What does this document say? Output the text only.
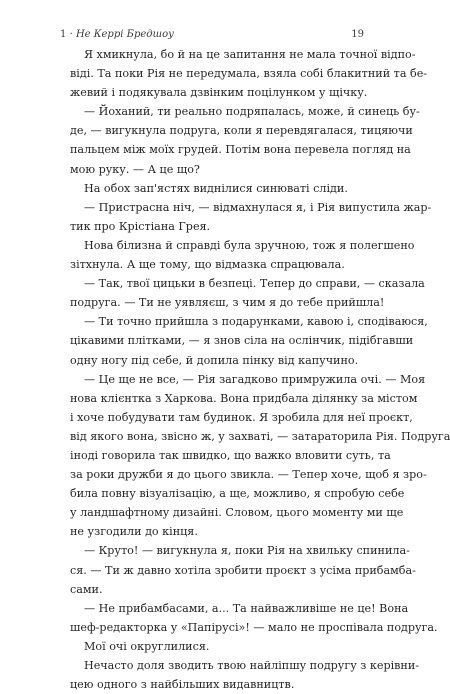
1 · Не Керрі Бредшоу	19
Я хмикнула, бо й на це запитання не мала точної відпо-
віді. Та поки Рія не передумала, взяла собі блакитний та бе-
жевий і подякувала дзвінким поцілунком у щічку.
— Йоханий, ти реально подряпалась, може, й синець бу-
де, — вигукнула подруга, коли я перевдягалася, тицяючи
пальцем між моїх грудей. Потім вона перевела погляд на
мою руку. — А це що?
На обох зап'ястях виднілися синюваті сліди.
— Пристрасна ніч, — відмахнулася я, і Рія випустила жар-
тик про Крістіана Грея.
Нова білизна й справді була зручною, тож я полегшено
зітхнула. А ще тому, що відмазка спрацювала.
— Так, твої цицьки в безпеці. Тепер до справи, — сказала
подруга. — Ти не уявляєш, з чим я до тебе прийшла!
— Ти точно прийшла з подарунками, кавою і, сподіваюся,
цікавими плітками, — я знов сіла на ослінчик, підібгавши
одну ногу під себе, й допила пінку від капучино.
— Це ще не все, — Рія загадково примружила очі. — Моя
нова клієнтка з Харкова. Вона придбала ділянку за містом
і хоче побудувати там будинок. Я зробила для неї проєкт,
від якого вона, звісно ж, у захваті, — затараторила Рія. Подруга
іноді говорила так швидко, що важко вловити суть, та
за роки дружби я до цього звикла. — Тепер хоче, щоб я зро-
била повну візуалізацію, а ще, можливо, я спробую себе
у ландшафтному дизайні. Словом, цього моменту ми ще
не узгодили до кінця.
— Круто! — вигукнула я, поки Рія на хвильку спинила-
ся. — Ти ж давно хотіла зробити проєкт з усіма прибамба-
сами.
— Не прибамбасами, а... Та найважливіше не це! Вона
шеф-редакторка у «Папірусі»! — мало не проспівала подруга.
Мої очі округлилися.
Нечасто доля зводить твою найліпшу подругу з керівни-
цею одного з найбільших видавництв.
